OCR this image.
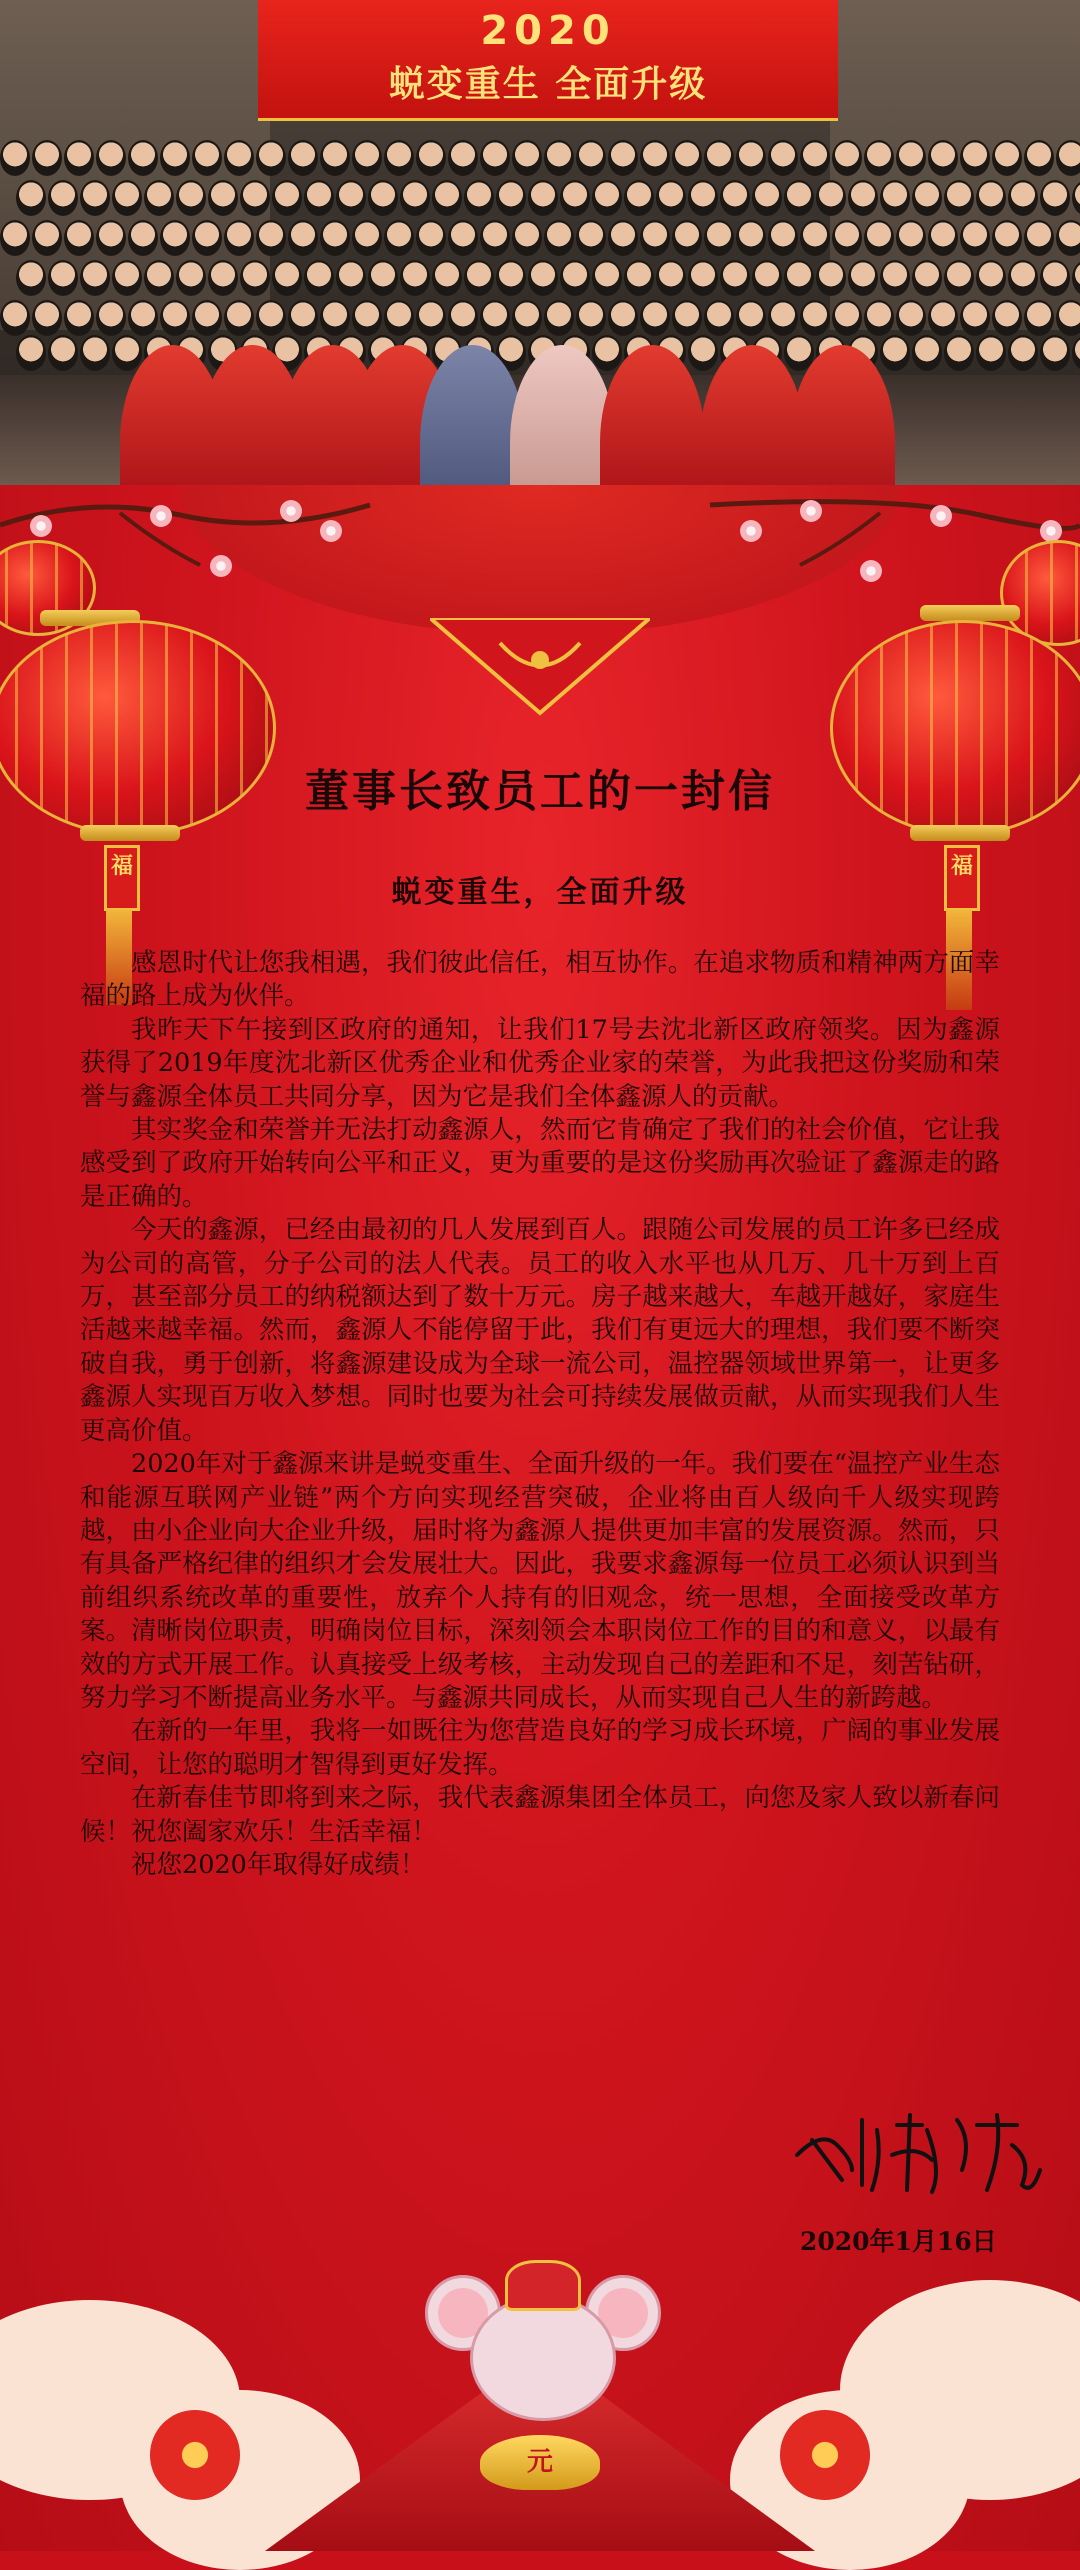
2020
蜕变重生 全面升级
福	福
董事长致员工的一封信
蜕变重生，全面升级

感恩时代让您我相遇，我们彼此信任，相互协作。在追求物质和精神两方面幸福的路上成为伙伴。

我昨天下午接到区政府的通知，让我们17号去沈北新区政府领奖。因为鑫源获得了2019年度沈北新区优秀企业和优秀企业家的荣誉，为此我把这份奖励和荣誉与鑫源全体员工共同分享，因为它是我们全体鑫源人的贡献。

其实奖金和荣誉并无法打动鑫源人，然而它肯确定了我们的社会价值，它让我感受到了政府开始转向公平和正义，更为重要的是这份奖励再次验证了鑫源走的路是正确的。

今天的鑫源，已经由最初的几人发展到百人。跟随公司发展的员工许多已经成为公司的高管，分子公司的法人代表。员工的收入水平也从几万、几十万到上百万，甚至部分员工的纳税额达到了数十万元。房子越来越大，车越开越好，家庭生活越来越幸福。然而，鑫源人不能停留于此，我们有更远大的理想，我们要不断突破自我，勇于创新，将鑫源建设成为全球一流公司，温控器领域世界第一，让更多鑫源人实现百万收入梦想。同时也要为社会可持续发展做贡献，从而实现我们人生更高价值。

2020年对于鑫源来讲是蜕变重生、全面升级的一年。我们要在“温控产业生态和能源互联网产业链”两个方向实现经营突破，企业将由百人级向千人级实现跨越，由小企业向大企业升级，届时将为鑫源人提供更加丰富的发展资源。然而，只有具备严格纪律的组织才会发展壮大。因此，我要求鑫源每一位员工必须认识到当前组织系统改革的重要性，放弃个人持有的旧观念，统一思想，全面接受改革方案。清晰岗位职责，明确岗位目标，深刻领会本职岗位工作的目的和意义，以最有效的方式开展工作。认真接受上级考核，主动发现自己的差距和不足，刻苦钻研，努力学习不断提高业务水平。与鑫源共同成长，从而实现自己人生的新跨越。

在新的一年里，我将一如既往为您营造良好的学习成长环境，广阔的事业发展空间，让您的聪明才智得到更好发挥。

在新春佳节即将到来之际，我代表鑫源集团全体员工，向您及家人致以新春问候！祝您阖家欢乐！生活幸福！

祝您2020年取得好成绩！

2020年1月16日
元
